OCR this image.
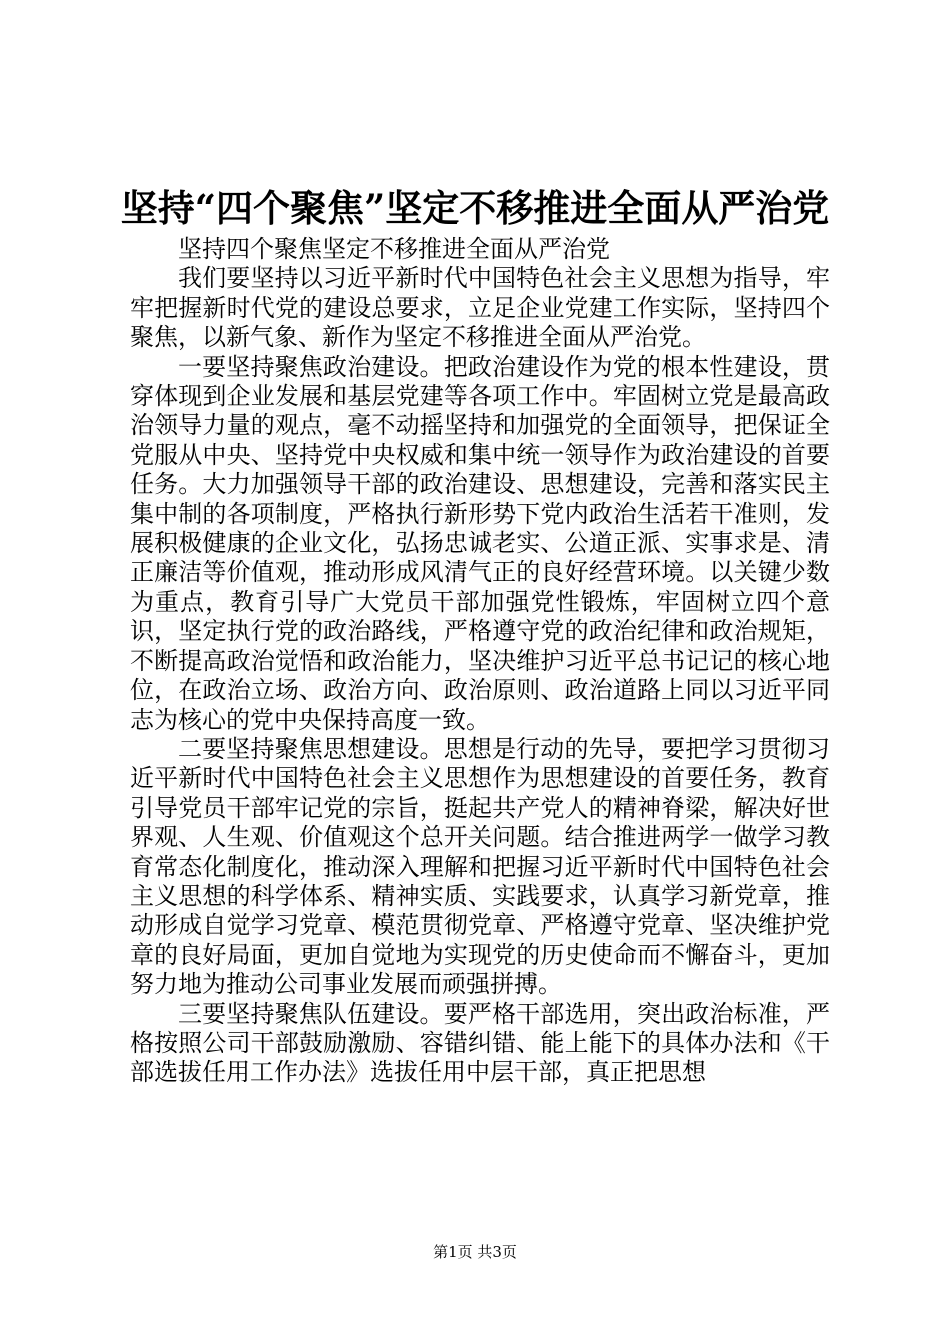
坚持“四个聚焦”坚定不移推进全面从严治党

坚持四个聚焦坚定不移推进全面从严治党

我们要坚持以习近平新时代中国特色社会主义思想为指导，牢牢把握新时代党的建设总要求，立足企业党建工作实际，坚持四个聚焦，以新气象、新作为坚定不移推进全面从严治党。

一要坚持聚焦政治建设。把政治建设作为党的根本性建设，贯穿体现到企业发展和基层党建等各项工作中。牢固树立党是最高政治领导力量的观点，毫不动摇坚持和加强党的全面领导，把保证全党服从中央、坚持党中央权威和集中统一领导作为政治建设的首要任务。大力加强领导干部的政治建设、思想建设，完善和落实民主集中制的各项制度，严格执行新形势下党内政治生活若干准则，发展积极健康的企业文化，弘扬忠诚老实、公道正派、实事求是、清正廉洁等价值观，推动形成风清气正的良好经营环境。以关键少数为重点，教育引导广大党员干部加强党性锻炼，牢固树立四个意识，坚定执行党的政治路线，严格遵守党的政治纪律和政治规矩，不断提高政治觉悟和政治能力，坚决维护习近平总书记记的核心地位，在政治立场、政治方向、政治原则、政治道路上同以习近平同志为核心的党中央保持高度一致。

二要坚持聚焦思想建设。思想是行动的先导，要把学习贯彻习近平新时代中国特色社会主义思想作为思想建设的首要任务，教育引导党员干部牢记党的宗旨，挺起共产党人的精神脊梁，解决好世界观、人生观、价值观这个总开关问题。结合推进两学一做学习教育常态化制度化，推动深入理解和把握习近平新时代中国特色社会主义思想的科学体系、精神实质、实践要求，认真学习新党章，推动形成自觉学习党章、模范贯彻党章、严格遵守党章、坚决维护党章的良好局面，更加自觉地为实现党的历史使命而不懈奋斗，更加努力地为推动公司事业发展而顽强拼搏。

三要坚持聚焦队伍建设。要严格干部选用，突出政治标准，严格按照公司干部鼓励激励、容错纠错、能上能下的具体办法和《干部选拔任用工作办法》选拔任用中层干部，真正把思想

第1页 共3页
